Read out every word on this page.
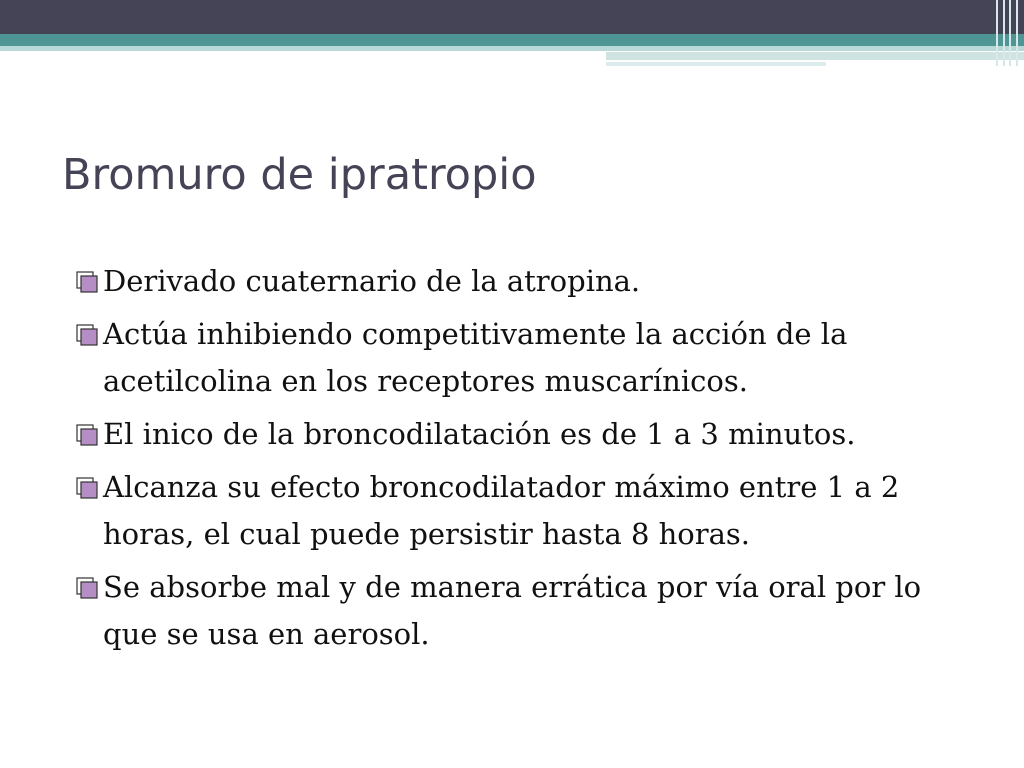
Bromuro de ipratropio
Derivado cuaternario de la atropina.
Actúa inhibiendo competitivamente la acción de la acetilcolina en los receptores muscarínicos.
El inico de la broncodilatación es de 1 a 3 minutos.
Alcanza su efecto broncodilatador máximo entre 1 a 2 horas, el cual puede persistir hasta 8 horas.
Se absorbe mal y de manera errática por vía oral por lo que se usa en aerosol.
